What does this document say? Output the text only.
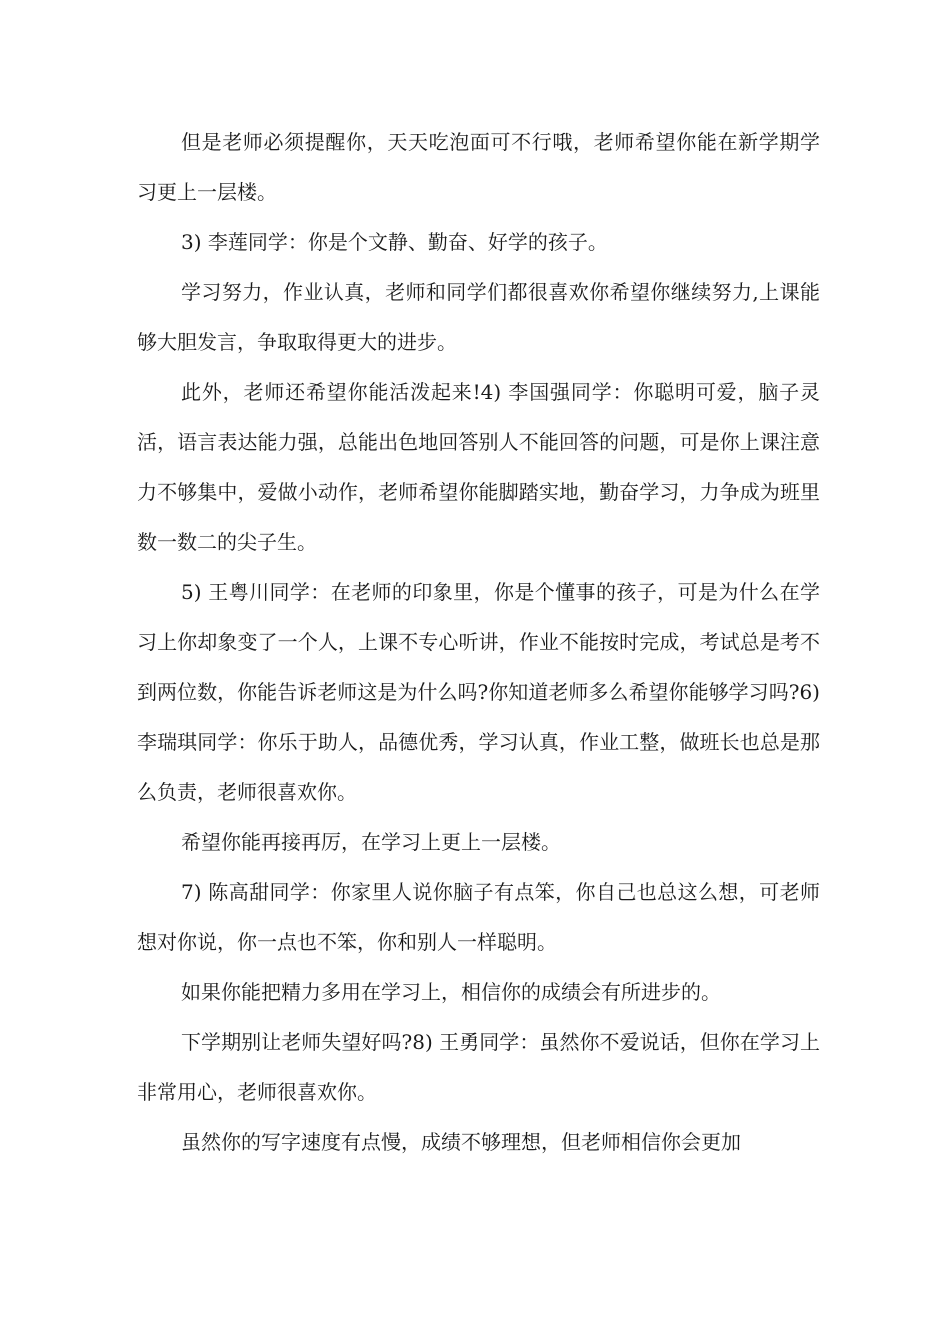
但是老师必须提醒你，天天吃泡面可不行哦，老师希望你能在新学期学习更上一层楼。

3) 李莲同学：你是个文静、勤奋、好学的孩子。

学习努力，作业认真，老师和同学们都很喜欢你希望你继续努力,上课能够大胆发言，争取取得更大的进步。

此外，老师还希望你能活泼起来!4) 李国强同学：你聪明可爱，脑子灵活，语言表达能力强，总能出色地回答别人不能回答的问题，可是你上课注意力不够集中，爱做小动作，老师希望你能脚踏实地，勤奋学习，力争成为班里数一数二的尖子生。

5) 王粤川同学：在老师的印象里，你是个懂事的孩子，可是为什么在学习上你却象变了一个人，上课不专心听讲，作业不能按时完成，考试总是考不到两位数，你能告诉老师这是为什么吗?你知道老师多么希望你能够学习吗?6) 李瑞琪同学：你乐于助人，品德优秀，学习认真，作业工整，做班长也总是那么负责，老师很喜欢你。

希望你能再接再厉，在学习上更上一层楼。

7) 陈高甜同学：你家里人说你脑子有点笨，你自己也总这么想，可老师想对你说，你一点也不笨，你和别人一样聪明。

如果你能把精力多用在学习上，相信你的成绩会有所进步的。

下学期别让老师失望好吗?8) 王勇同学：虽然你不爱说话，但你在学习上非常用心，老师很喜欢你。

虽然你的写字速度有点慢，成绩不够理想，但老师相信你会更加
